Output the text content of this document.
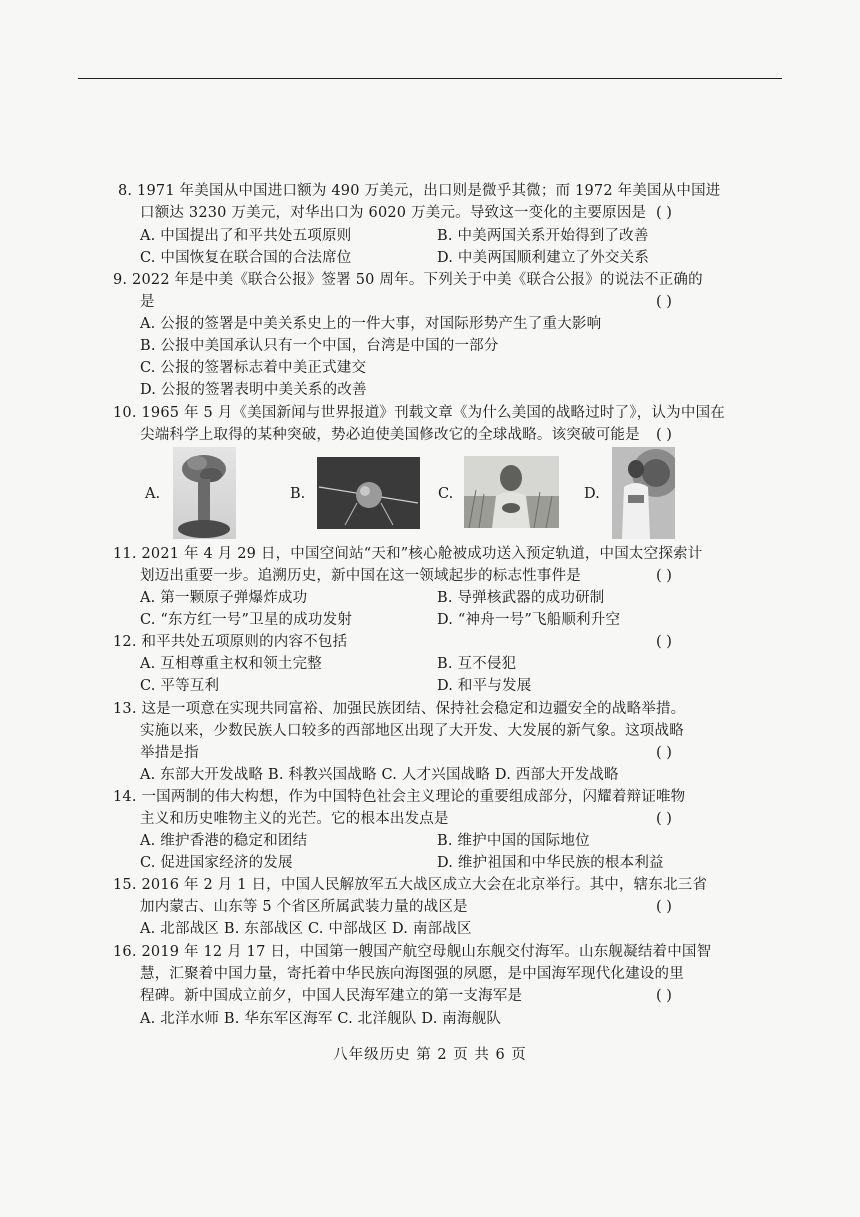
8. 1971 年美国从中国进口额为 490 万美元，出口则是微乎其微；而 1972 年美国从中国进
口额达 3230 万美元，对华出口为 6020 万美元。导致这一变化的主要原因是 ( )
A. 中国提出了和平共处五项原则	B. 中美两国关系开始得到了改善
C. 中国恢复在联合国的合法席位	D. 中美两国顺利建立了外交关系
9. 2022 年是中美《联合公报》签署 50 周年。下列关于中美《联合公报》的说法不正确的
是	( )
A. 公报的签署是中美关系史上的一件大事，对国际形势产生了重大影响
B. 公报中美国承认只有一个中国，台湾是中国的一部分
C. 公报的签署标志着中美正式建交
D. 公报的签署表明中美关系的改善
10. 1965 年 5 月《美国新闻与世界报道》刊载文章《为什么美国的战略过时了》，认为中国在
尖端科学上取得的某种突破，势必迫使美国修改它的全球战略。该突破可能是 ( )
A.	B.	C.	D.
11. 2021 年 4 月 29 日，中国空间站“天和”核心舱被成功送入预定轨道，中国太空探索计
划迈出重要一步。追溯历史，新中国在这一领域起步的标志性事件是	( )
A. 第一颗原子弹爆炸成功	B. 导弹核武器的成功研制
C. “东方红一号”卫星的成功发射	D. “神舟一号”飞船顺利升空
12. 和平共处五项原则的内容不包括	( )
A. 互相尊重主权和领土完整	B. 互不侵犯
C. 平等互利	D. 和平与发展
13. 这是一项意在实现共同富裕、加强民族团结、保持社会稳定和边疆安全的战略举措。
实施以来，少数民族人口较多的西部地区出现了大开发、大发展的新气象。这项战略
举措是指	( )
A. 东部大开发战略 B. 科教兴国战略 C. 人才兴国战略 D. 西部大开发战略
14. 一国两制的伟大构想，作为中国特色社会主义理论的重要组成部分，闪耀着辩证唯物
主义和历史唯物主义的光芒。它的根本出发点是	( )
A. 维护香港的稳定和团结	B. 维护中国的国际地位
C. 促进国家经济的发展	D. 维护祖国和中华民族的根本利益
15. 2016 年 2 月 1 日，中国人民解放军五大战区成立大会在北京举行。其中，辖东北三省
加内蒙古、山东等 5 个省区所属武装力量的战区是	( )
A. 北部战区 B. 东部战区 C. 中部战区 D. 南部战区
16. 2019 年 12 月 17 日，中国第一艘国产航空母舰山东舰交付海军。山东舰凝结着中国智
慧，汇聚着中国力量，寄托着中华民族向海图强的夙愿，是中国海军现代化建设的里
程碑。新中国成立前夕，中国人民海军建立的第一支海军是	( )
A. 北洋水师 B. 华东军区海军 C. 北洋舰队 D. 南海舰队
八年级历史 第 2 页 共 6 页
